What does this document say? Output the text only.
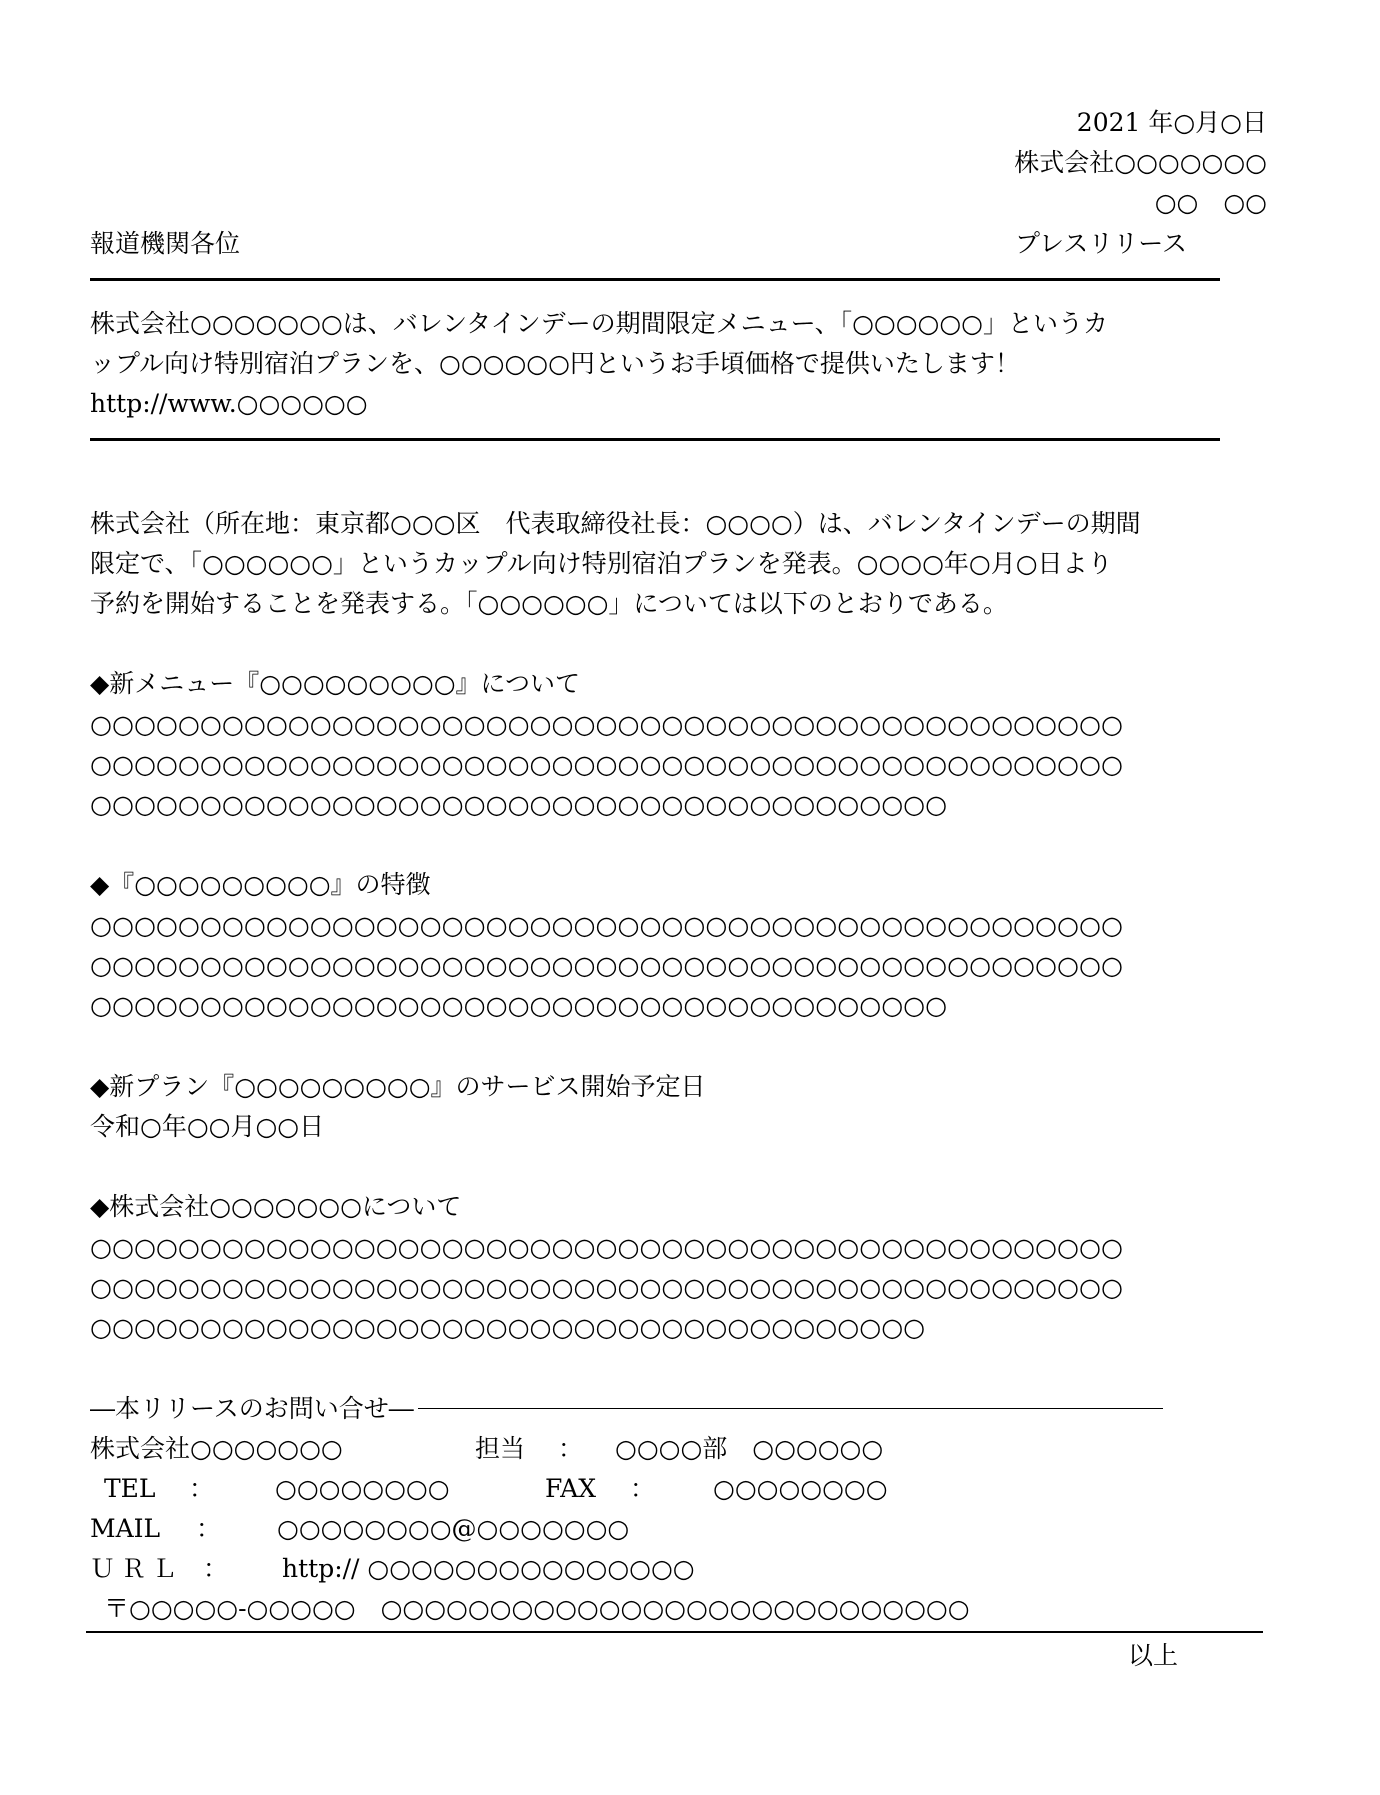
2021 年○月○日
株式会社○○○○○○○
○○　○○
報道機関各位	プレスリリース
株式会社○○○○○○○は、バレンタインデーの期間限定メニュー、「○○○○○○」というカ
ップル向け特別宿泊プランを、○○○○○○円というお手頃価格で提供いたします！
http://www.○○○○○○
株式会社（所在地：東京都○○○区　代表取締役社長：○○○○）は、バレンタインデーの期間
限定で、「○○○○○○」というカップル向け特別宿泊プランを発表。○○○○年○月○日より
予約を開始することを発表する。「○○○○○○」については以下のとおりである。
◆新メニュー『○○○○○○○○○』について
○○○○○○○○○○○○○○○○○○○○○○○○○○○○○○○○○○○○○○○○○○○○○○○
○○○○○○○○○○○○○○○○○○○○○○○○○○○○○○○○○○○○○○○○○○○○○○○
○○○○○○○○○○○○○○○○○○○○○○○○○○○○○○○○○○○○○○○
◆『○○○○○○○○○』の特徴
○○○○○○○○○○○○○○○○○○○○○○○○○○○○○○○○○○○○○○○○○○○○○○○
○○○○○○○○○○○○○○○○○○○○○○○○○○○○○○○○○○○○○○○○○○○○○○○
○○○○○○○○○○○○○○○○○○○○○○○○○○○○○○○○○○○○○○○
◆新プラン『○○○○○○○○○』のサービス開始予定日
令和○年○○月○○日
◆株式会社○○○○○○○について
○○○○○○○○○○○○○○○○○○○○○○○○○○○○○○○○○○○○○○○○○○○○○○○
○○○○○○○○○○○○○○○○○○○○○○○○○○○○○○○○○○○○○○○○○○○○○○○
○○○○○○○○○○○○○○○○○○○○○○○○○○○○○○○○○○○○○○
―本リリースのお問い合せ―
株式会社○○○○○○○	担当 ： ○○○○部　○○○○○○
TEL ： ○○○○○○○○	FAX ： ○○○○○○○○
MAIL ： ○○○○○○○○@○○○○○○○
ＵＲＬ ： http:// ○○○○○○○○○○○○○○○
〒○○○○○-○○○○○　○○○○○○○○○○○○○○○○○○○○○○○○○○○
以上
